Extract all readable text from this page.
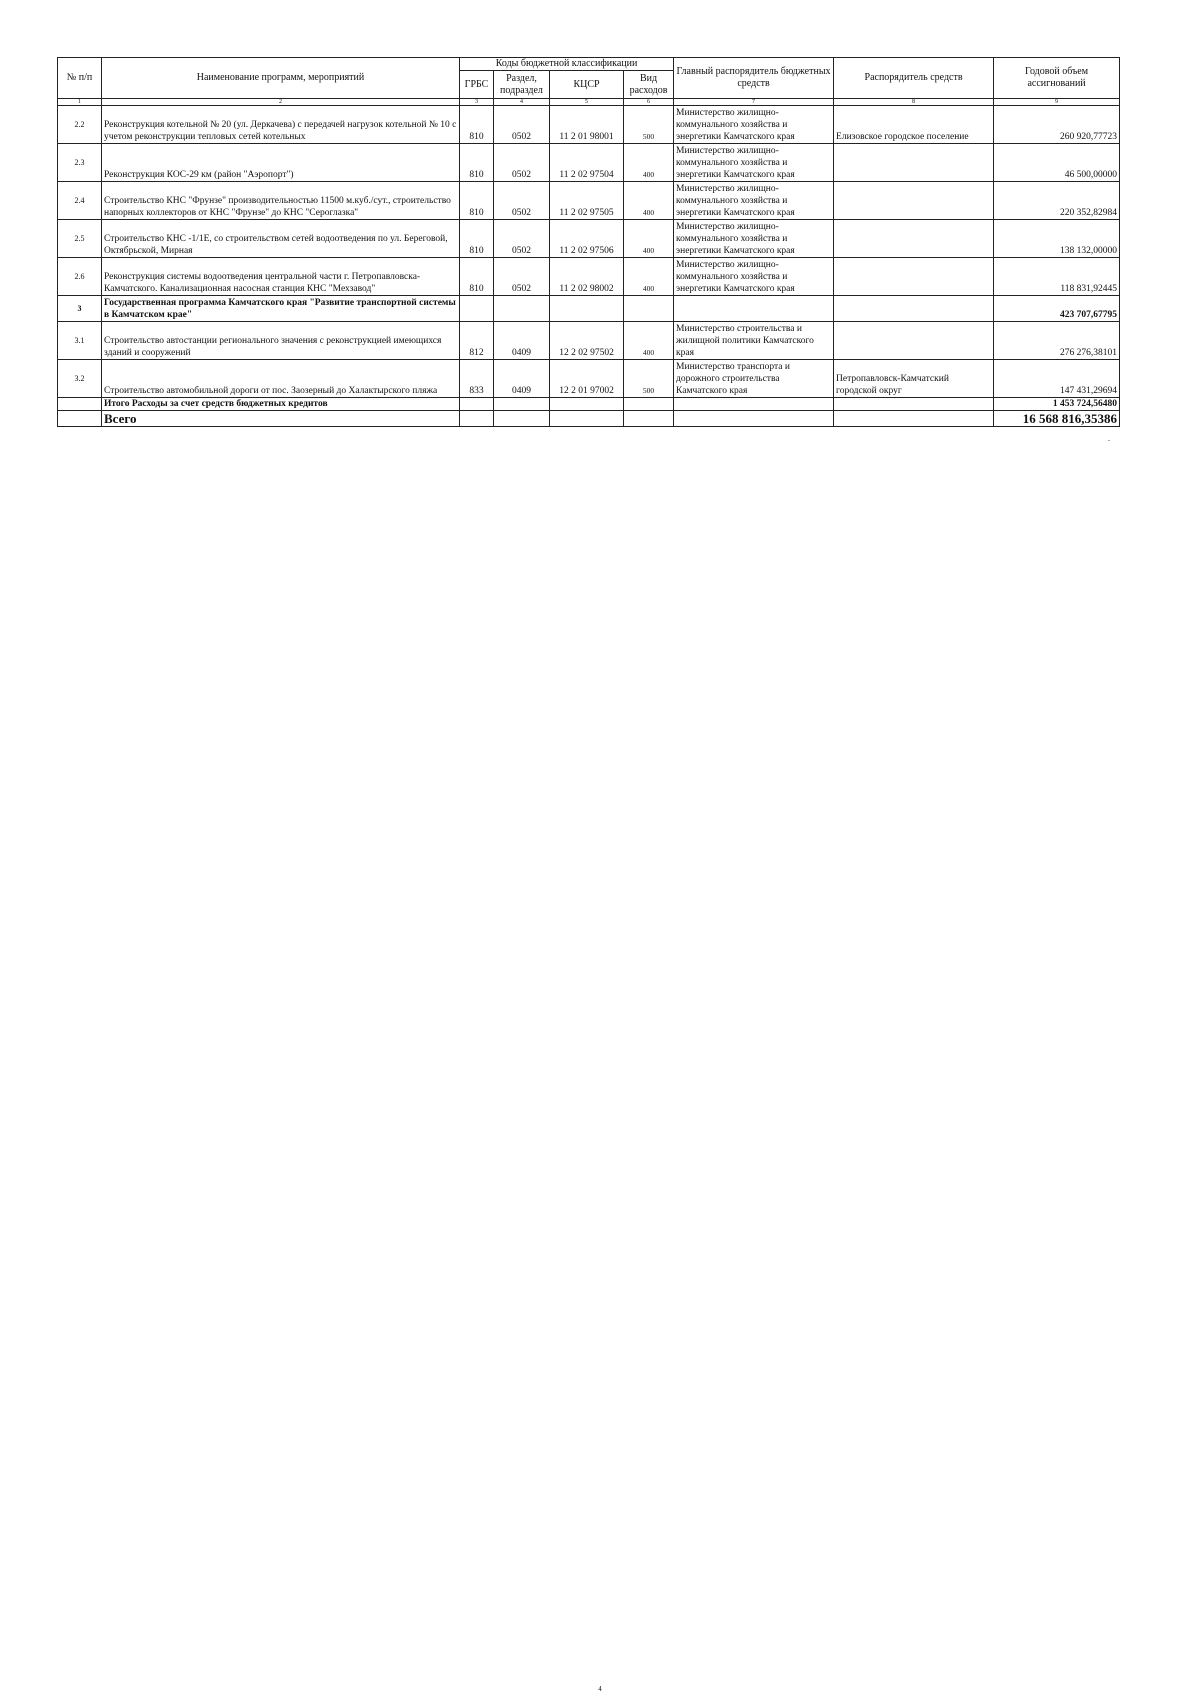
№ п/п	Наименование программ, мероприятий	Коды бюджетной классификации				Главный распорядитель бюджетных средств	Распорядитель средств	Годовой объем ассигнований
		ГРБС	Раздел, подраздел	КЦСР	Вид расходов			
1	2	3	4	5	6	7	8	9
2.2	Реконструкция котельной № 20 (ул. Деркачева) с передачей нагрузок котельной № 10 с учетом реконструкции тепловых сетей котельных	810	0502	11 2 01 98001	500	Министерство жилищно-коммунального хозяйства и энергетики Камчатского края	Елизовское городское поселение	260 920,77723
2.3	Реконструкция КОС-29 км (район "Аэропорт")	810	0502	11 2 02 97504	400	Министерство жилищно-коммунального хозяйства и энергетики Камчатского края		46 500,00000
2.4	Строительство КНС "Фрунзе" производительностью 11500 м.куб./сут., строительство напорных коллекторов от КНС "Фрунзе" до КНС "Сероглазка"	810	0502	11 2 02 97505	400	Министерство жилищно-коммунального хозяйства и энергетики Камчатского края		220 352,82984
2.5	Строительство КНС -1/1Е, со строительством сетей водоотведения по ул. Береговой, Октябрьской, Мирная	810	0502	11 2 02 97506	400	Министерство жилищно-коммунального хозяйства и энергетики Камчатского края		138 132,00000
2.6	Реконструкция системы водоотведения центральной части г. Петропавловска-Камчатского. Канализационная насосная станция КНС "Мехзавод"	810	0502	11 2 02 98002	400	Министерство жилищно-коммунального хозяйства и энергетики Камчатского края		118 831,92445
3	Государственная программа Камчатского края "Развитие транспортной системы в Камчатском крае"							423 707,67795
3.1	Строительство автостанции регионального значения с реконструкцией имеющихся зданий и сооружений	812	0409	12 2 02 97502	400	Министерство строительства и жилищной политики Камчатского края		276 276,38101
3.2	Строительство автомобильной дороги от пос. Заозерный до Халактырского пляжа	833	0409	12 2 01 97002	500	Министерство транспорта и дорожного строительства Камчатского края	Петропавловск-Камчатский городской округ	147 431,29694
	Итого Расходы за счет средств бюджетных кредитов							1 453 724,56480
	Всего							16 568 816,35386
-
4
